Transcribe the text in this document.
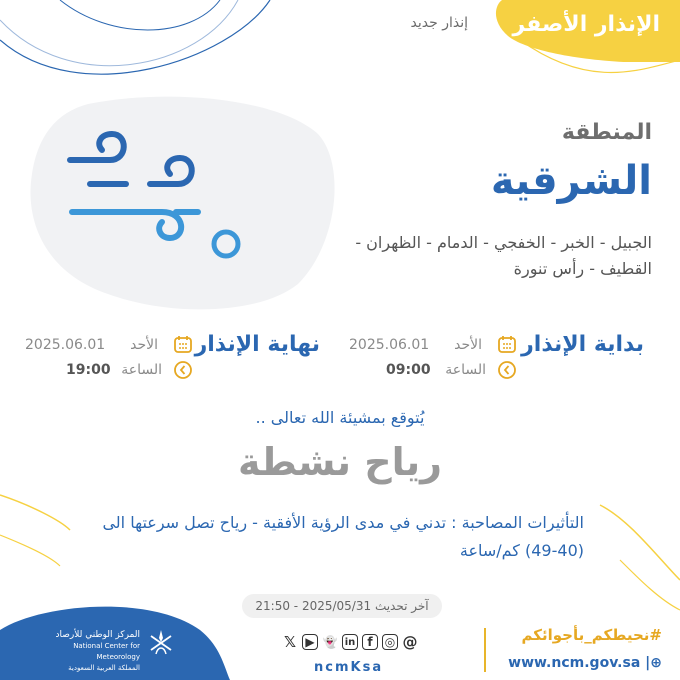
الإنذار الأصفر
إنذار جديد
المنطقة
الشرقية
الجبيل - الخبر - الخفجي - الدمام - الظهران - القطيف - رأس تنورة
بداية الإنذار
الأحد
2025.06.01
الساعة
09:00
نهاية الإنذار
الأحد
2025.06.01
الساعة
19:00
يُتوقع بمشيئة الله تعالى ..
رياح نشطة
التأثيرات المصاحبة : تدني في مدى الرؤية الأفقية - رياح تصل سرعتها الى (40-49) كم/ساعة
آخر تحديث

2025/05/31
-
21:50
المركز الوطني للأرصاد
National Center for Meteorology
المملكة العربية السعودية
𝕏 ▶ 👻 in	f	◎ @
ncmKsa
#نحيطكم_بأجوائكم
www.ncm.gov.sa |⊕
